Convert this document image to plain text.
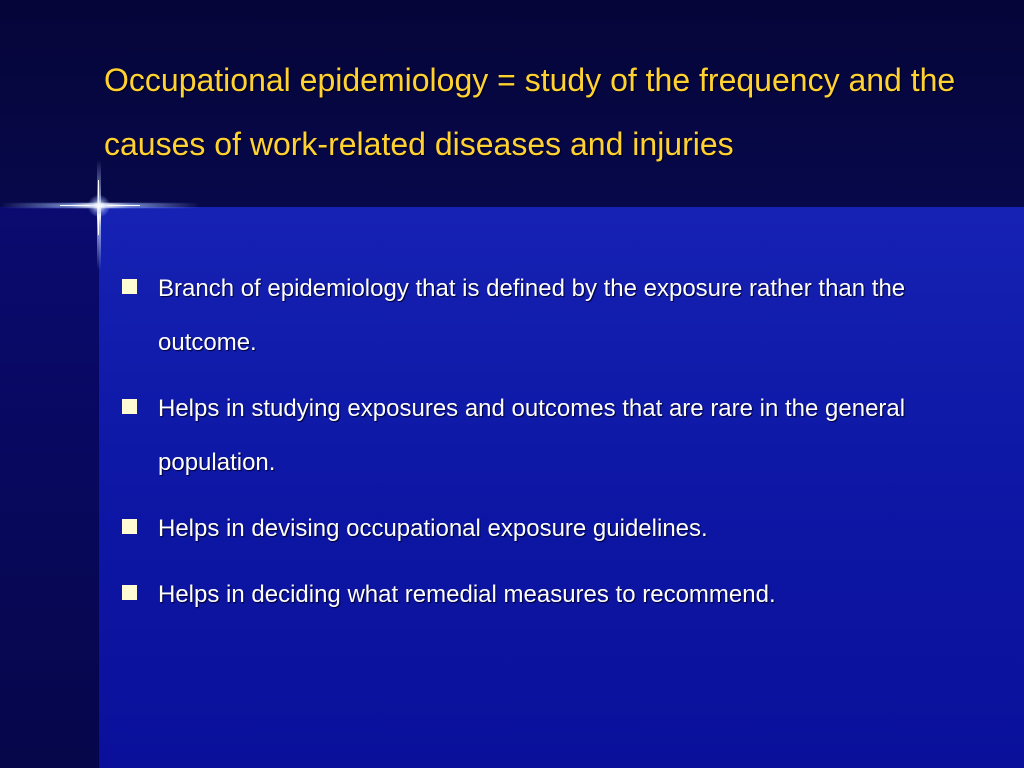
Occupational epidemiology = study of the frequency and the causes of work-related diseases and injuries
Branch of epidemiology that is defined by the exposure rather than the outcome.
Helps in studying exposures and outcomes that are rare in the general population.
Helps in devising occupational exposure guidelines.
Helps in deciding what remedial measures to recommend.
